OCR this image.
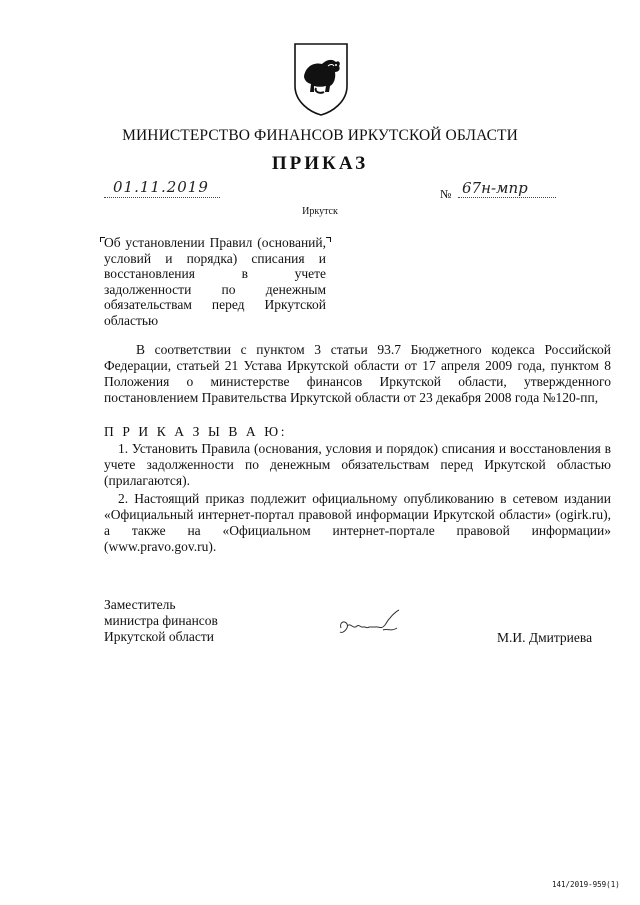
МИНИСТЕРСТВО ФИНАНСОВ ИРКУТСКОЙ ОБЛАСТИ
ПРИКАЗ
01.11.2019	№ 67н-мпр
Иркутск
Об установлении Правил (оснований, условий и порядка) списания и восстановления в учете задолженности по денежным обязательствам перед Иркутской областью
В соответствии с пунктом 3 статьи 93.7 Бюджетного кодекса Российской Федерации, статьей 21 Устава Иркутской области от 17 апреля 2009 года, пунктом 8 Положения о министерстве финансов Иркутской области, утвержденного постановлением Правительства Иркутской области от 23 декабря 2008 года №120-пп,
П Р И К А З Ы В А Ю:
1. Установить Правила (основания, условия и порядок) списания и восстановления в учете задолженности по денежным обязательствам перед Иркутской областью (прилагаются).
2. Настоящий приказ подлежит официальному опубликованию в сетевом издании «Официальный интернет-портал правовой информации Иркутской области» (ogirk.ru), а также на «Официальном интернет-портале правовой информации» (www.pravo.gov.ru).
Заместитель
министра финансов
Иркутской области	М.И. Дмитриева
141/2019-959(1)
